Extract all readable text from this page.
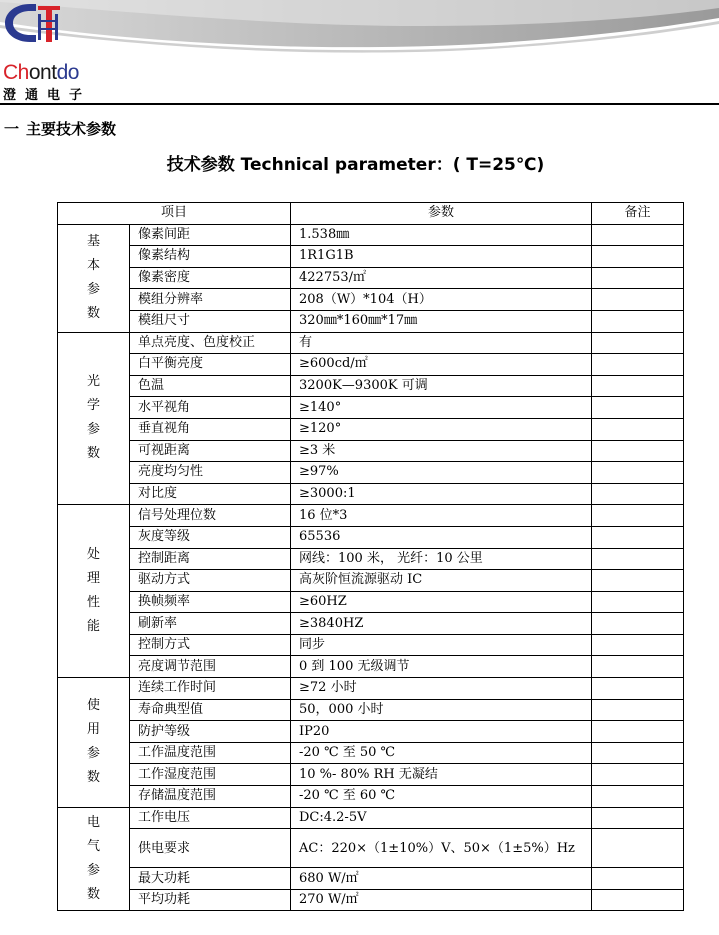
Chontdo
澄通电子
一 主要技术参数
技术参数 Technical parameter：( T=25℃)
项目		参数	备注

基本参数	像素间距	1.538㎜	
	像素结构	1R1G1B	
	像素密度	422753/㎡	
	模组分辨率	208（W）*104（H）	
	模组尺寸	320㎜*160㎜*17㎜	

光学参数	单点亮度、色度校正	有	
	白平衡亮度	≥600cd/㎡	
	色温	3200K—9300K 可调	
	水平视角	≥140°	
	垂直视角	≥120°	
	可视距离	≥3 米	
	亮度均匀性	≥97%	
	对比度	≥3000:1	

处理性能	信号处理位数	16 位*3	
	灰度等级	65536	
	控制距离	网线：100 米， 光纤：10 公里	
	驱动方式	高灰阶恒流源驱动 IC	
	换帧频率	≥60HZ	
	刷新率	≥3840HZ	
	控制方式	同步	
	亮度调节范围	0 到 100 无级调节	

使用参数	连续工作时间	≥72 小时	
	寿命典型值	50，000 小时	
	防护等级	IP20	
	工作温度范围	-20 ℃ 至 50 ℃	
	工作湿度范围	10 %- 80% RH 无凝结	
	存储温度范围	-20 ℃ 至 60 ℃	

电气参数	工作电压	DC:4.2-5V	
	供电要求	AC：220×（1±10%）V、50×（1±5%）Hz	
	最大功耗	680 W/㎡	
	平均功耗	270 W/㎡	
